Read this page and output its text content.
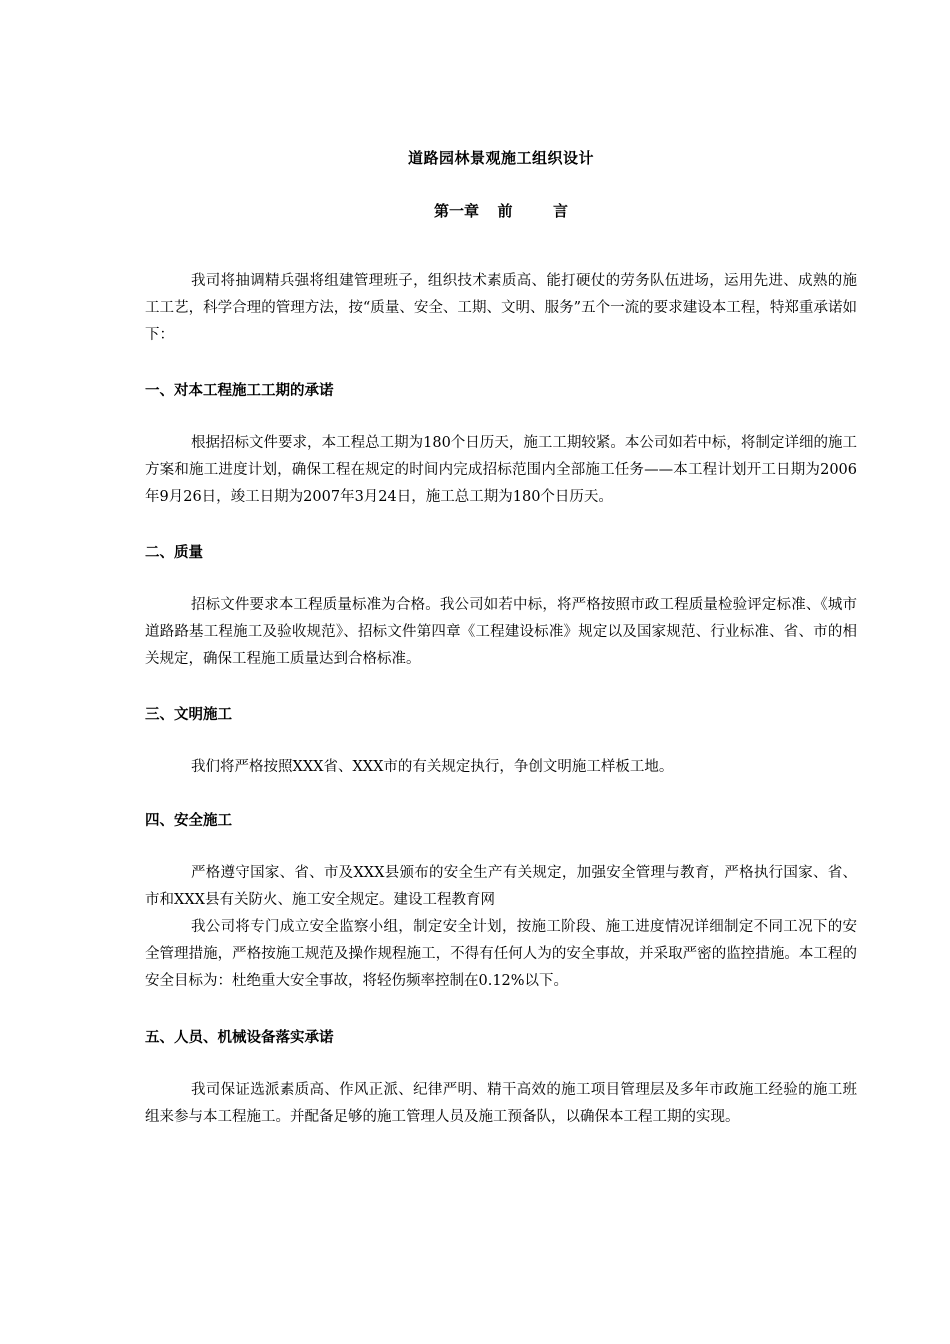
道路园林景观施工组织设计
第一章 前	言
我司将抽调精兵强将组建管理班子，组织技术素质高、能打硬仗的劳务队伍进场，运用先进、成熟的施工工艺，科学合理的管理方法，按“质量、安全、工期、文明、服务”五个一流的要求建设本工程，特郑重承诺如下：
一、对本工程施工工期的承诺
根据招标文件要求，本工程总工期为180个日历天，施工工期较紧。本公司如若中标，将制定详细的施工方案和施工进度计划，确保工程在规定的时间内完成招标范围内全部施工任务——本工程计划开工日期为2006年9月26日，竣工日期为2007年3月24日，施工总工期为180个日历天。
二、质量
招标文件要求本工程质量标准为合格。我公司如若中标，将严格按照市政工程质量检验评定标准、《城市道路路基工程施工及验收规范》、招标文件第四章《工程建设标准》规定以及国家规范、行业标准、省、市的相关规定，确保工程施工质量达到合格标准。
三、文明施工
我们将严格按照XXX省、XXX市的有关规定执行，争创文明施工样板工地。
四、安全施工
严格遵守国家、省、市及XXX县颁布的安全生产有关规定，加强安全管理与教育，严格执行国家、省、市和XXX县有关防火、施工安全规定。建设工程教育网
我公司将专门成立安全监察小组，制定安全计划，按施工阶段、施工进度情况详细制定不同工况下的安全管理措施，严格按施工规范及操作规程施工，不得有任何人为的安全事故，并采取严密的监控措施。本工程的安全目标为：杜绝重大安全事故，将轻伤频率控制在0.12%以下。
五、人员、机械设备落实承诺
我司保证选派素质高、作风正派、纪律严明、精干高效的施工项目管理层及多年市政施工经验的施工班组来参与本工程施工。并配备足够的施工管理人员及施工预备队，以确保本工程工期的实现。
